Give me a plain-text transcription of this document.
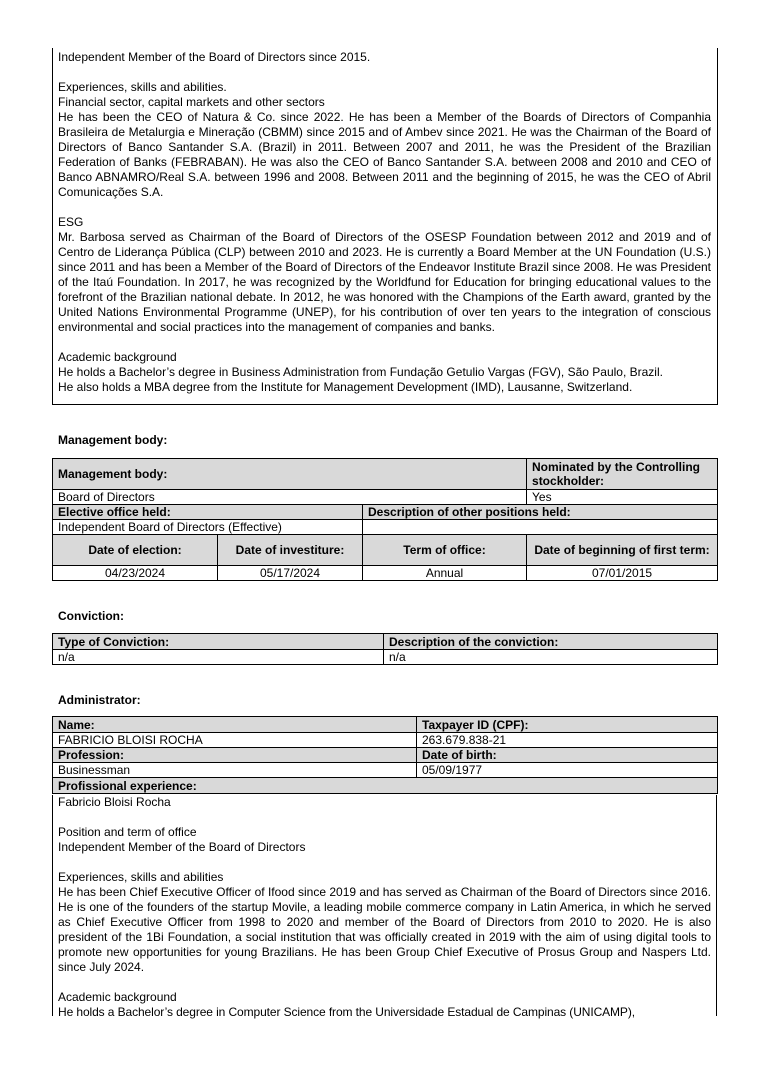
Independent Member of the Board of Directors since 2015.

Experiences, skills and abilities.

Financial sector, capital markets and other sectors

He has been the CEO of Natura & Co. since 2022. He has been a Member of the Boards of Directors of Companhia Brasileira de Metalurgia e Mineração (CBMM) since 2015 and of Ambev since 2021. He was the Chairman of the Board of Directors of Banco Santander S.A. (Brazil) in 2011. Between 2007 and 2011, he was the President of the Brazilian Federation of Banks (FEBRABAN). He was also the CEO of Banco Santander S.A. between 2008 and 2010 and CEO of Banco ABNAMRO/Real S.A. between 1996 and 2008. Between 2011 and the beginning of 2015, he was the CEO of Abril Comunicações S.A.

ESG

Mr. Barbosa served as Chairman of the Board of Directors of the OSESP Foundation between 2012 and 2019 and of Centro de Liderança Pública (CLP) between 2010 and 2023. He is currently a Board Member at the UN Foundation (U.S.) since 2011 and has been a Member of the Board of Directors of the Endeavor Institute Brazil since 2008. He was President of the Itaú Foundation. In 2017, he was recognized by the Worldfund for Education for bringing educational values to the forefront of the Brazilian national debate. In 2012, he was honored with the Champions of the Earth award, granted by the United Nations Environmental Programme (UNEP), for his contribution of over ten years to the integration of conscious environmental and social practices into the management of companies and banks.

Academic background

He holds a Bachelor’s degree in Business Administration from Fundação Getulio Vargas (FGV), São Paulo, Brazil.

He also holds a MBA degree from the Institute for Management Development (IMD), Lausanne, Switzerland.

Management body:
Management body:			Nominated by the Controlling stockholder:
Board of Directors			Yes
Elective office held:		Description of other positions held:	
Independent Board of Directors (Effective)			
Date of election:	Date of investiture:	Term of office:	Date of beginning of first term:
04/23/2024	05/17/2024	Annual	07/01/2015
Conviction:
Type of Conviction:	Description of the conviction:
n/a	n/a
Administrator:
Name:	Taxpayer ID (CPF):
FABRICIO BLOISI ROCHA	263.679.838-21
Profession:	Date of birth:
Businessman	05/09/1977
Profissional experience:	

Fabricio Bloisi Rocha

Position and term of office

Independent Member of the Board of Directors

Experiences, skills and abilities

He has been Chief Executive Officer of Ifood since 2019 and has served as Chairman of the Board of Directors since 2016. He is one of the founders of the startup Movile, a leading mobile commerce company in Latin America, in which he served as Chief Executive Officer from 1998 to 2020 and member of the Board of Directors from 2010 to 2020. He is also president of the 1Bi Foundation, a social institution that was officially created in 2019 with the aim of using digital tools to promote new opportunities for young Brazilians. He has been Group Chief Executive of Prosus Group and Naspers Ltd. since July 2024.

Academic background

He holds a Bachelor’s degree in Computer Science from the Universidade Estadual de Campinas (UNICAMP),
